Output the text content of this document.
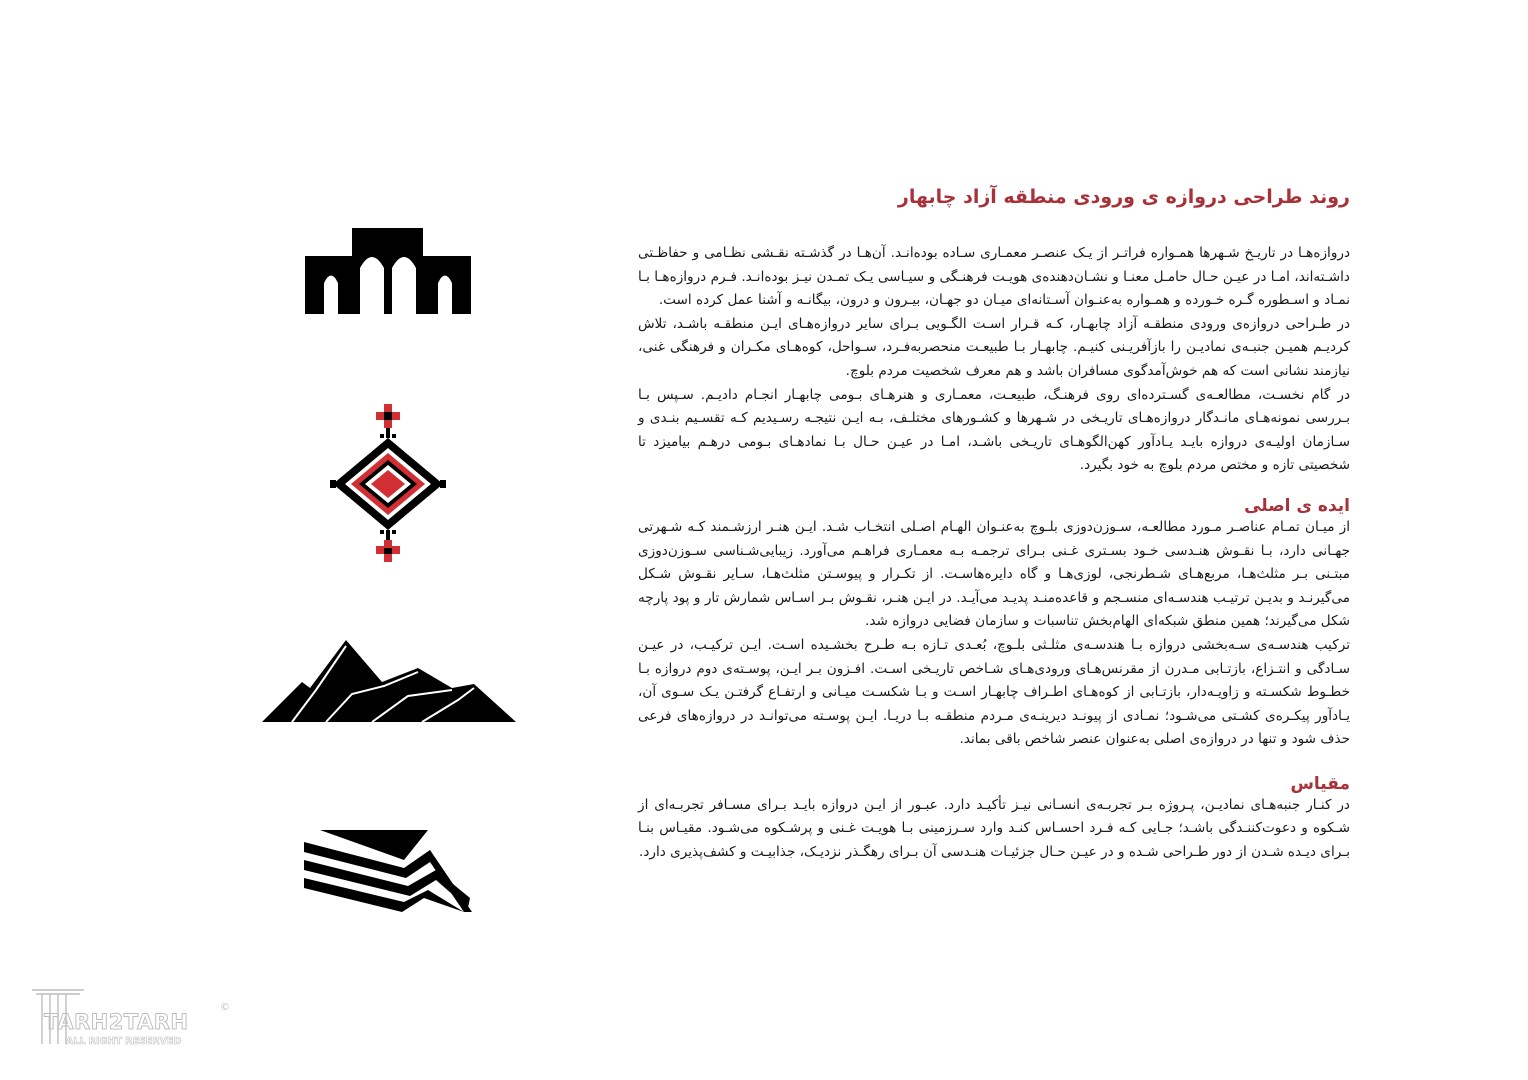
روند طراحی دروازه ی ورودی منطقه آزاد چابهار

دروازه‌هـا در تاریـخ شـهرها همـواره فراتـر از یـک عنصـر معمـاری سـاده بوده‌انـد. آن‌هـا در گذشـته نقـشی نظـامی و حفاظـتی داشـته‌اند، امـا در عیـن حـال حامـل معنـا و نشـان‌دهنده‌ی هویـت فرهنـگی و سیـاسی یـک تمـدن نیـز بوده‌انـد. فـرم دروازه‌هـا بـا نمـاد و اسـطوره گـره خـورده و همـواره به‌عنـوان آسـتانه‌ای میـان دو جهـان، بیـرون و درون، بیگانـه و آشنا عمل کرده است.

در طـراحی دروازه‌ی ورودی منطقـه آزاد چابهـار، کـه قـرار اسـت الگـویی بـرای سایر دروازه‌هـای ایـن منطقـه باشـد، تلاش کردیـم همیـن جنبـه‌ی نمادیـن را بازآفریـنی کنیـم. چابهـار بـا طبیعـت منحصربه‌فـرد، سـواحل، کوه‌هـای مکـران و فرهنگی غنی، نیازمند نشانی است که هم خوش‌آمدگوی مسافران باشد و هم معرف شخصیت مردم بلوچ.

در گام نخسـت، مطالعـه‌ی گسـترده‌ای روی فرهنـگ، طبیعـت، معمـاری و هنرهـای بـومی چابهـار انجـام دادیـم. سـپس بـا بـررسی نمونه‌هـای مانـدگار دروازه‌هـای تاریـخی در شـهرها و کشـورهای مختلـف، بـه ایـن نتیجـه رسـیدیم کـه تقسـیم بنـدی و سـازمان اولیـه‌ی دروازه بایـد یـادآور کهن‌الگوهـای تاریـخی باشـد، امـا در عیـن حـال بـا نمادهـای بـومی درهـم بیامیزد تا شخصیتی تازه و مختص مردم بلوچ به خود بگیرد.

ایده ی اصلی

از میـان تمـام عناصـر مـورد مطالعـه، سـوزن‌دوزی بلـوچ به‌عنـوان الهـام اصـلی انتخـاب شـد. ایـن هنـر ارزشـمند کـه شـهرتی جهـانی دارد، بـا نقـوش هنـدسی خـود بسـتری غـنی بـرای ترجمـه بـه معمـاری فراهـم می‌آورد. زیبایی‌شـناسی سـوزن‌دوزی مبتـنی بـر مثلث‌هـا، مربع‌هـای شـطرنجی، لوزی‌هـا و گاه دایره‌هاسـت. از تکـرار و پیوسـتن مثلث‌هـا، سـایر نقـوش شـکل می‌گیرنـد و بدیـن ترتیـب هندسـه‌ای منسـجم و قاعده‌منـد پدیـد می‌آیـد. در ایـن هنـر، نقـوش بـر اسـاس شمارش تار و پود پارچه شکل می‌گیرند؛ همین منطق شبکه‌ای الهام‌بخش تناسبات و سازمان فضایی دروازه شد.

ترکیب هندسـه‌ی سـه‌بخشی دروازه بـا هندسـه‌ی مثلـثی بلـوچ، بُعـدی تـازه بـه طـرح بخشـیده اسـت. ایـن ترکیـب، در عیـن سـادگی و انتـزاع، بازتـابی مـدرن از مقرنس‌هـای ورودی‌هـای شـاخص تاریـخی اسـت. افـزون بـر ایـن، پوسـته‌ی دوم دروازه بـا خطـوط شکسـته و زاویـه‌دار، بازتـابی از کوه‌هـای اطـراف چابهـار اسـت و بـا شکسـت میـانی و ارتفـاع گرفتـن یـک سـوی آن، یـادآور پیکـره‌ی کشـتی می‌شـود؛ نمـادی از پیونـد دیرینـه‌ی مـردم منطقـه بـا دریـا. ایـن پوسـته می‌توانـد در دروازه‌های فرعی حذف شود و تنها در دروازه‌ی اصلی به‌عنوان عنصر شاخص باقی بماند.

مقیاس

در کنـار جنبه‌هـای نمادیـن، پـروژه بـر تجربـه‌ی انسـانی نیـز تأکیـد دارد. عبـور از ایـن دروازه بایـد بـرای مسـافر تجربـه‌ای از شـکوه و دعوت‌کننـدگی باشـد؛ جـایی کـه فـرد احسـاس کنـد وارد سـرزمینی بـا هویـت غـنی و پرشـکوه می‌شـود. مقیـاس بنـا بـرای دیـده شـدن از دور طـراحی شـده و در عیـن حـال جزئیـات هنـدسی آن بـرای رهگـذر نزدیـک، جذابیـت و کشف‌پذیری دارد.

TARH2TARH
ALL RIGHT RESERVED
©
